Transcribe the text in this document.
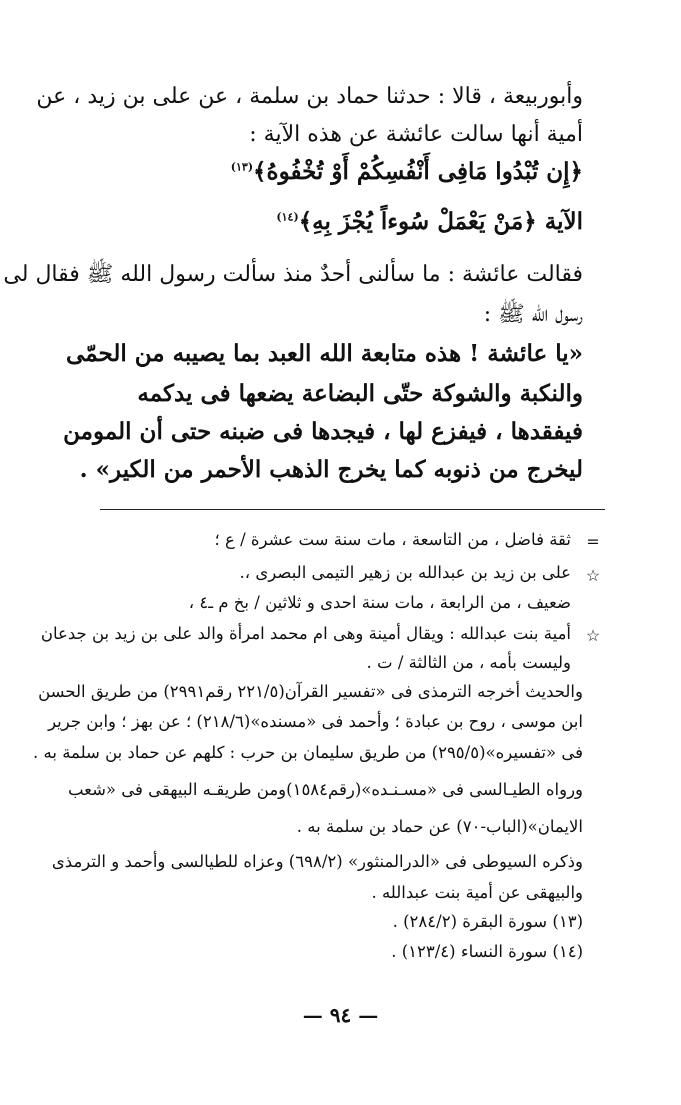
وأبوربيعة ، قالا : حدثنا حماد بن سلمة ، عن على بن زيد ، عن
أمية أنها سالت عائشة عن هذه الآية :
﴿إِن تُبْدُوا مَافِى أَنْفُسِكُمْ أَوْ تُخْفُوهُ﴾$^{(١٣)}$
الآية ﴿مَنْ يَعْمَلْ سُوءاً يُجْزَ بِهِ﴾$^{(١٤)}$
فقالت عائشة : ما سألنى أحدٌ منذ سألت رسول الله ﷺ فقال لى
رسول الله ﷺ :
«يا عائشة ! هذه متابعة الله العبد بما يصيبه من الحمّى
والنكبة والشوكة حتّى البضاعة يضعها فى يدكمه
فيفقدها ، فيفزع لها ، فيجدها فى ضبنه حتى أن المومن
ليخرج من ذنوبه كما يخرج الذهب الأحمر من الكير» .
=
☆
☆
ثقة فاضل ، من التاسعة ، مات سنة ست عشرة / ع ؛
على بن زيد بن عبدالله بن زهير التيمى البصرى ،.
ضعيف ، من الرابعة ، مات سنة احدى و ثلاثين / بخ م ـ٤ ،
أمية بنت عبدالله : ويقال أمينة وهى ام محمد امرأة والد على بن زيد بن جدعان
وليست بأمه ، من الثالثة / ت .
والحديث أخرجه الترمذى فى «تفسير القرآن(٢٢١/٥ رقم٢٩٩١) من طريق الحسن
ابن موسى ، روح بن عبادة ؛ وأحمد فى «مسنده»(٢١٨/٦) ؛ عن بهز ؛ وابن جرير
فى «تفسيره»(٢٩٥/٥) من طريق سليمان بن حرب : كلهم عن حماد بن سلمة به .
ورواه الطيـالسى فى «مسـنـده»(رقم١٥٨٤)ومن طريقـه البيهقى فى «شعب
الايمان»(الباب-٧٠) عن حماد بن سلمة به .
وذكره السيوطى فى «الدرالمنثور» (٦٩٨/٢) وعزاه للطيالسى وأحمد و الترمذى
والبيهقى عن أمية بنت عبدالله .
(١٣) سورة البقرة (٢٨٤/٢) .
(١٤) سورة النساء (١٢٣/٤) .
— ٩٤ —
